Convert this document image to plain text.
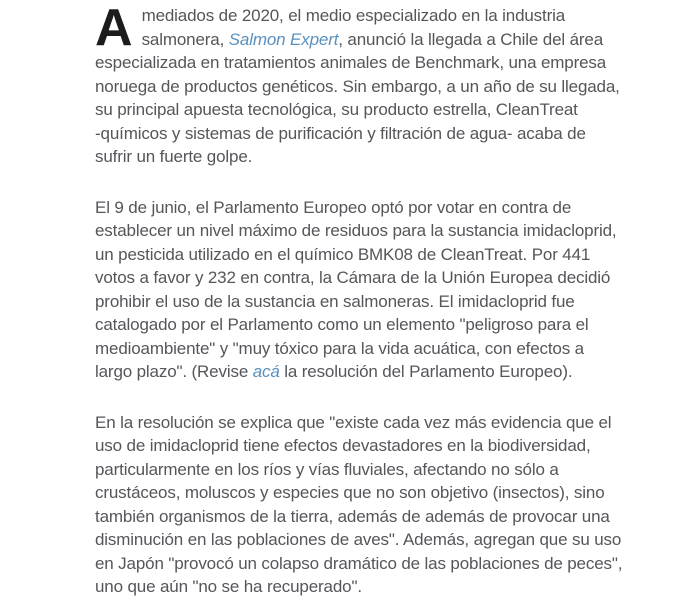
A mediados de 2020, el medio especializado en la industria
salmonera, Salmon Expert, anunció la llegada a Chile del área
especializada en tratamientos animales de Benchmark, una empresa
noruega de productos genéticos. Sin embargo, a un año de su llegada,
su principal apuesta tecnológica, su producto estrella, CleanTreat
-químicos y sistemas de purificación y filtración de agua- acaba de
sufrir un fuerte golpe.
El 9 de junio, el Parlamento Europeo optó por votar en contra de
establecer un nivel máximo de residuos para la sustancia imidacloprid,
un pesticida utilizado en el químico BMK08 de CleanTreat. Por 441
votos a favor y 232 en contra, la Cámara de la Unión Europea decidió
prohibir el uso de la sustancia en salmoneras. El imidacloprid fue
catalogado por el Parlamento como un elemento "peligroso para el
medioambiente" y "muy tóxico para la vida acuática, con efectos a
largo plazo". (Revise acá la resolución del Parlamento Europeo).
En la resolución se explica que "existe cada vez más evidencia que el
uso de imidacloprid tiene efectos devastadores en la biodiversidad,
particularmente en los ríos y vías fluviales, afectando no sólo a
crustáceos, moluscos y especies que no son objetivo (insectos), sino
también organismos de la tierra, además de además de provocar una
disminución en las poblaciones de aves". Además, agregan que su uso
en Japón "provocó un colapso dramático de las poblaciones de peces",
uno que aún "no se ha recuperado".
